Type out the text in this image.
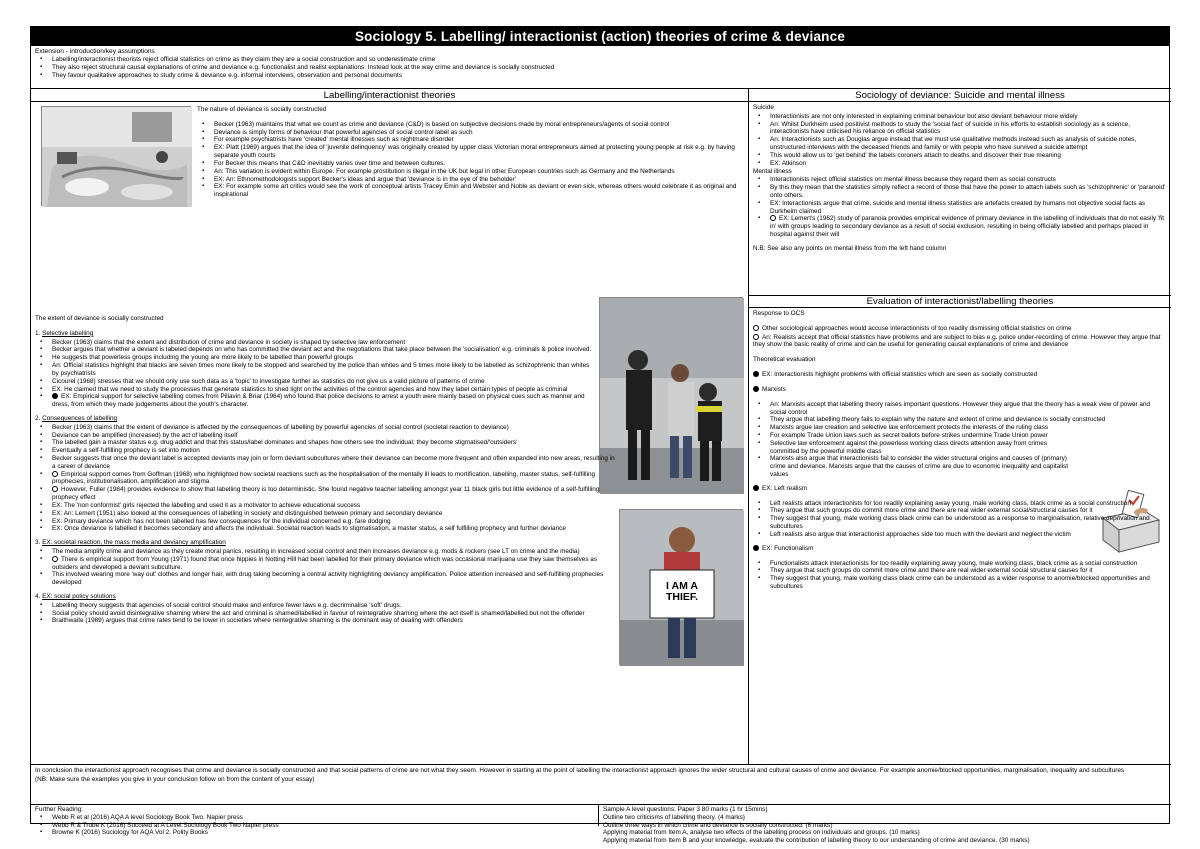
Sociology 5. Labelling/ interactionist (action) theories of crime & deviance
Extension - introduction/key assumptions
▪ Labelling/interactionist theorists reject official statistics on crime as they claim they are a social construction and so underestimate crime
▪ They also reject structural causal explanations of crime and deviance e.g. functionalist and realist explanations. Instead look at the way crime and deviance is socially constructed
▪ They favour qualitative approaches to study crime & deviance e.g. informal interviews, observation and personal documents
Labelling/interactionist theories
The nature of deviance is socially constructed
▪ Becker (1963) maintains that what we count as crime and deviance (C&D) is based on subjective decisions made by moral entrepreneurs/agents of social control
▪ Deviance is simply forms of behaviour that powerful agencies of social control label as such
▪ For example psychiatrists have 'created' mental illnesses such as nightmare disorder
▪ EX: Platt (1969) argues that the idea of 'juvenile delinquency' was originally created by upper class Victorian moral entrepreneurs aimed at protecting young people at risk e.g. by having separate youth courts
▪ For Becker this means that C&D inevitably varies over time and between cultures.
▪ An: This variation is evident within Europe. For example prostitution is illegal in the UK but legal in other European countries such as Germany and the Netherlands
▪ EX: An: Ethnomethodologists support Becker's ideas and argue that 'deviance is in the eye of the beholder'
▪ EX: For example some art critics would see the work of conceptual artists Tracey Emin and Webster and Noble as deviant or even sick, whereas others would celebrate it as original and inspirational
I AM A THIEF.
The extent of deviance is socially constructed
1. Selective labelling
▪ Becker (1963) claims that the extent and distribution of crime and deviance in society is shaped by selective law enforcement
▪ Becker argues that whether a deviant is labeled depends on who has committed the deviant act and the negotiations that take place between the 'socialisation' e.g. criminals & police involved.
▪ He suggests that powerless groups including the young are more likely to be labelled than powerful groups
▪ An: Official statistics highlight that blacks are seven times more likely to be stopped and searched by the police than whites and 5 times more likely to be labelled as schizophrenic than whites by psychiatrists
▪ Cicourel (1968) stresses that we should only use such data as a 'topic' to investigate further as statistics do not give us a valid picture of patterns of crime
▪ EX: He claimed that we need to study the processes that generate statistics to shed light on the activities of the control agencies and how they label certain types of people as criminal
▪ EX: Empirical support for selective labelling comes from Piliavin & Briar (1964) who found that police decisions to arrest a youth were mainly based on physical cues such as manner and dress, from which they made judgements about the youth's character.
2. Consequences of labelling
▪ Becker (1963) claims that the extent of deviance is affected by the consequences of labelling by powerful agencies of social control (societal reaction to deviance)
▪ Deviance can be amplified (increased) by the act of labelling itself
▪ The labelled gain a master status e.g. drug addict and that this status/label dominates and shapes how others see the individual; they become stigmatised/'outsiders'
▪ Eventually a self-fulfilling prophecy is set into motion
▪ Becker suggests that once the deviant label is accepted deviants may join or form deviant subcultures where their deviance can become more frequent and often expanded into new areas, resulting in a career of deviance
▪ Empirical support comes from Goffman (1968) who highlighted how societal reactions such as the hospitalisation of the mentally ill leads to mortification, labelling, master status, self-fulfilling prophecies, institutionalisation, amplification and stigma
▪ However, Fuller (1984) provides evidence to show that labelling theory is too deterministic. She found negative teacher labelling amongst year 11 black girls but little evidence of a self-fulfilling prophecy effect
▪ EX: The 'non conformist' girls rejected the labelling and used it as a motivator to achieve educational success
▪ EX: An: Lemert (1951) also looked at the consequences of labelling in society and distinguished between primary and secondary deviance
▪ EX: Primary deviance which has not been labelled has few consequences for the individual concerned e.g. fare dodging
▪ EX: Once deviance is labelled it becomes secondary and affects the individual. Societal reaction leads to stigmatisation, a master status, a self fulfilling prophecy and further deviance
3. EX: societal reaction, the mass media and deviancy amplification
▪ The media amplify crime and deviance as they create moral panics, resulting in increased social control and then increases deviance e.g. mods & rockers (see LT on crime and the media)
▪ There is empirical support from Young (1971) found that once hippies in Notting Hill had been labelled for their primary deviance which was occasional marijuana use they saw themselves as outsiders and developed a deviant subculture.
▪ This involved wearing more 'way out' clothes and longer hair, with drug taking becoming a central activity highlighting deviancy amplification. Police attention increased and self-fulfilling prophecies developed
4. EX: social policy solutions
▪ Labelling theory suggests that agencies of social control should make and enforce fewer laws e.g. decriminalise 'soft' drugs.
▪ Social policy should avoid disintegrative shaming where the act and criminal is shamed/labelled in favour of reintegrative shaming where the act itself is shamed/labelled but not the offender
▪ Braithwaite (1989) argues that crime rates tend to be lower in societies where reintegrative shaming is the dominant way of dealing with offenders
Sociology of deviance: Suicide and mental illness
Suicide
▪ Interactionists are not only interested in explaining criminal behaviour but also deviant behaviour more widely
▪ An: Whilst Durkheim used positivist methods to study the 'social fact' of suicide in his efforts to establish sociology as a science, interactionists have criticised his reliance on official statistics
▪ An: Interactionists such as Douglas argue instead that we must use qualitative methods instead such as analysis of suicide notes, unstructured interviews with the deceased friends and family or with people who have survived a suicide attempt
▪ This would allow us to 'get behind' the labels coroners attach to deaths and discover their true meaning
▪ EX: Atkinson
Mental illness
▪ Interactionists reject official statistics on mental illness because they regard them as social constructs
▪ By this they mean that the statistics simply reflect a record of those that have the power to attach labels such as 'schizophrenic' or 'paranoid' onto others.
▪ EX: Interactionists argue that crime, suicide and mental illness statistics are artefacts created by humans not objective social facts as Durkheim claimed
▪ EX: Lemert's (1962) study of paranoia provides empirical evidence of primary deviance in the labelling of individuals that do not easily 'fit in' with groups leading to secondary deviance as a result of social exclusion, resulting in being officially labelled and perhaps placed in hospital against their will
N.B: See also any points on mental illness from the left hand column
Evaluation of interactionist/labelling theories
Response to OCS
Other sociological approaches would accuse interactionists of too readily dismissing official statistics on crime
An: Realists accept that official statistics have problems and are subject to bias e.g. police under-recording of crime. However they argue that they show the basic reality of crime and can be useful for generating causal explanations of crime and deviance
Theoretical evaluation
EX: Interactionists highlight problems with official statistics which are seen as socially constructed
Marxists
▪ An: Marxists accept that labelling theory raises important questions. However they argue that the theory has a weak view of power and social control
▪ They argue that labelling theory fails to explain why the nature and extent of crime and deviance is socially constructed
▪ Marxists argue law creation and selective law enforcement protects the interests of the ruling class
▪ For example Trade Union laws such as secret ballots before strikes undermine Trade Union power
▪ Selective law enforcement against the powerless working class directs attention away from crimes committed by the powerful middle class
▪ Marxists also argue that interactionists fail to consider the wider structural origins and causes of (primary) crime and deviance. Marxists argue that the causes of crime are due to economic inequality and capitalist values
EX: Left realism
▪ Left realists attack interactionists for too readily explaining away young, male working class, black crime as a social construction
▪ They argue that such groups do commit more crime and there are real wider external social/structural causes for it
▪ They suggest that young, male working class black crime can be understood as a response to marginalisation, relative deprivation and subcultures
▪ Left realists also argue that interactionist approaches side too much with the deviant and neglect the victim
EX: Functionalism
▪ Functionalists attack interactionists for too readily explaining away young, male working class, black crime as a social construction
▪ They argue that such groups do commit more crime and there are real wider external social structural causes for it
▪ They suggest that young, male working class black crime can be understood as a wider response to anomie/blocked opportunities and subcultures
In conclusion the interactionist approach recognises that crime and deviance is socially constructed and that social patterns of crime are not what they seem. However in starting at the point of labelling the interactionist approach ignores the wider structural and cultural causes of crime and deviance. For example anomie/blocked opportunities, marginalisation, inequality and subcultures
(NB: Make sure the examples you give in your conclusion follow on from the content of your essay)
Further Reading:
▪ Webb R et al (2016) AQA A level Sociology Book Two. Napier press
▪ Webb R & Trobe K (2016) Succeed at A Level Sociology Book Two Napier press
▪ Browne K (2016) Sociology for AQA Vol 2. Polity Books
Sample A level questions: Paper 3 80 marks (1 hr 15mins)
Outline two criticisms of labelling theory. (4 marks)
Outline three ways in which crime and deviance is socially constructed. (6 marks)
Applying material from Item A, analyse two effects of the labelling process on individuals and groups. (10 marks)
Applying material from Item B and your knowledge, evaluate the contribution of labelling theory to our understanding of crime and deviance. (30 marks)
